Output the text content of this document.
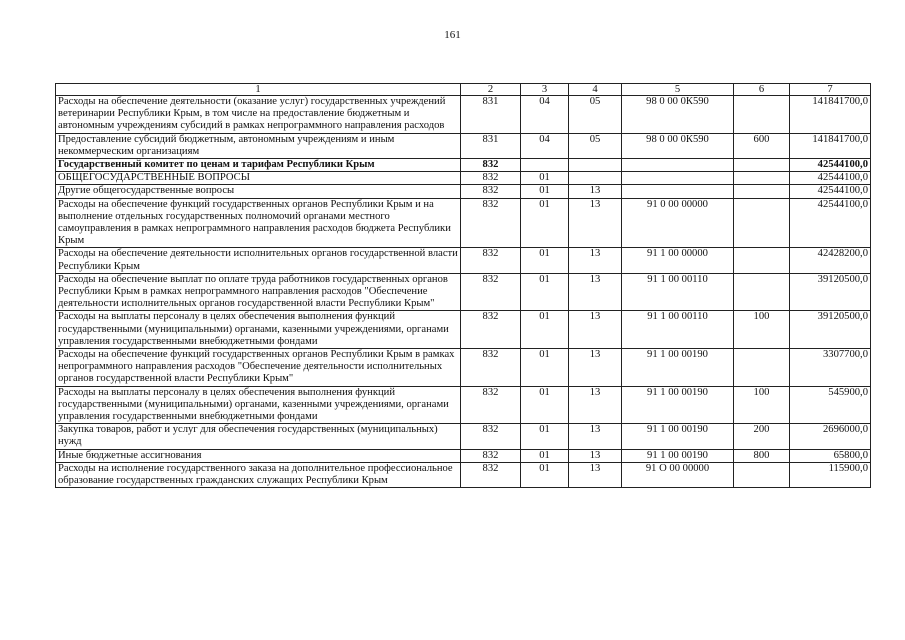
161
1	2	3	4	5	6	7
Расходы на обеспечение деятельности (оказание услуг) государственных учреждений ветеринарии Республики Крым, в том числе на предоставление бюджетным и автономным учреждениям субсидий в рамках непрограммного направления расходов	831	04	05	98 0 00 0К590		141841700,0
Предоставление субсидий бюджетным, автономным учреждениям и иным некоммерческим организациям	831	04	05	98 0 00 0К590	600	141841700,0
Государственный комитет по ценам и тарифам Республики Крым	832					42544100,0
ОБЩЕГОСУДАРСТВЕННЫЕ ВОПРОСЫ	832	01				42544100,0
Другие общегосударственные вопросы	832	01	13			42544100,0
Расходы на обеспечение функций государственных органов Республики Крым и на выполнение отдельных государственных полномочий органами местного самоуправления в рамках непрограммного направления расходов бюджета Республики Крым	832	01	13	91 0 00 00000		42544100,0
Расходы на обеспечение деятельности исполнительных органов государственной власти Республики Крым	832	01	13	91 1 00 00000		42428200,0
Расходы на обеспечение выплат по оплате труда работников государственных органов Республики Крым в рамках непрограммного направления расходов "Обеспечение деятельности исполнительных органов государственной власти Республики Крым"	832	01	13	91 1 00 00110		39120500,0
Расходы на выплаты персоналу в целях обеспечения выполнения функций государственными (муниципальными) органами, казенными учреждениями, органами управления государственными внебюджетными фондами	832	01	13	91 1 00 00110	100	39120500,0
Расходы на обеспечение функций государственных органов Республики Крым в рамках непрограммного направления расходов "Обеспечение деятельности исполнительных органов государственной власти Республики Крым"	832	01	13	91 1 00 00190		3307700,0
Расходы на выплаты персоналу в целях обеспечения выполнения функций государственными (муниципальными) органами, казенными учреждениями, органами управления государственными внебюджетными фондами	832	01	13	91 1 00 00190	100	545900,0
Закупка товаров, работ и услуг для обеспечения государственных (муниципальных) нужд	832	01	13	91 1 00 00190	200	2696000,0
Иные бюджетные ассигнования	832	01	13	91 1 00 00190	800	65800,0
Расходы на исполнение государственного заказа на дополнительное профессиональное образование государственных гражданских служащих Республики Крым	832	01	13	91 О 00 00000		115900,0
